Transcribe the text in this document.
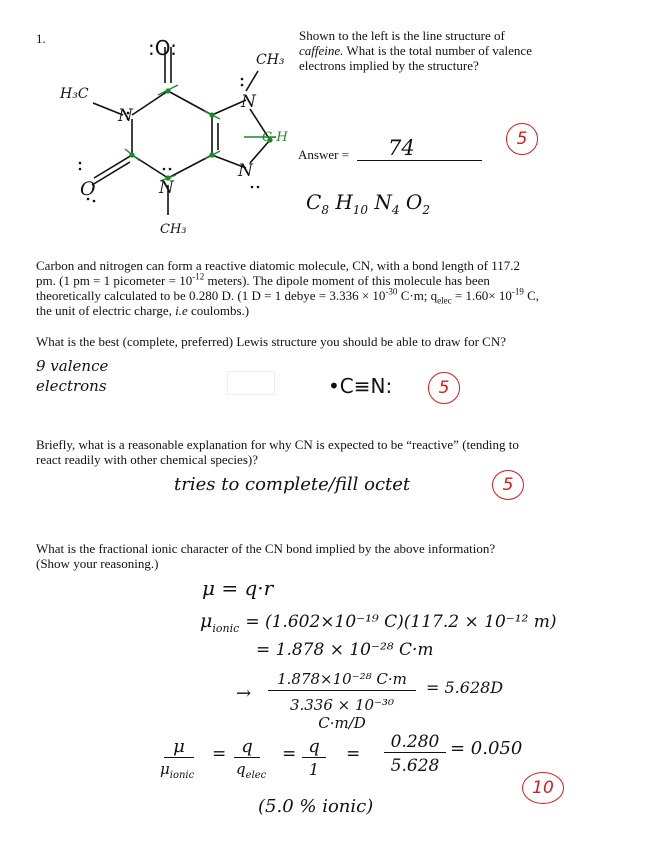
1.	:O:
N
N
N
N
O
H₃C
CH₃
CH₃
C-H
Shown to the left is the line structure of
caffeine. What is the total number of valence
electrons implied by the structure?
Answer = 74	5
$C_8$ $H_{10}$ $N_4$ $O_2$
Carbon and nitrogen can form a reactive diatomic molecule, CN, with a bond length of 117.2
pm. (1 pm = 1 picometer = $10^{-12}$ meters). The dipole moment of this molecule has been
theoretically calculated to be 0.280 D. (1 D = 1 debye = $3.336 \times 10^{-30}$ C·m; $q_{elec} = 1.60\times 10^{-19}$ C,
the unit of electric charge, i.e coulombs.)
What is the best (complete, preferred) Lewis structure you should be able to draw for CN?
9 valence
electrons	•C≡N:	5
Briefly, what is a reasonable explanation for why CN is expected to be “reactive” (tending to
react readily with other chemical species)?
tries to complete/fill octet	5
What is the fractional ionic character of the CN bond implied by the above information?
(Show your reasoning.)
μ = q·r
$\mu_{ionic} = (1.602\times 10^{-19}$ C)(117.2 × 10⁻¹² m)
= 1.878 × 10⁻²⁸ C·m
→
1.878×10⁻²⁸ C·m
3.336 × 10⁻³⁰ C·m/D
= 5.628D
μ
$\mu_{ionic}$
= q
$q_{elec}$
= q
1
=
0.280
5.628
= 0.050
(5.0 % ionic)
10
